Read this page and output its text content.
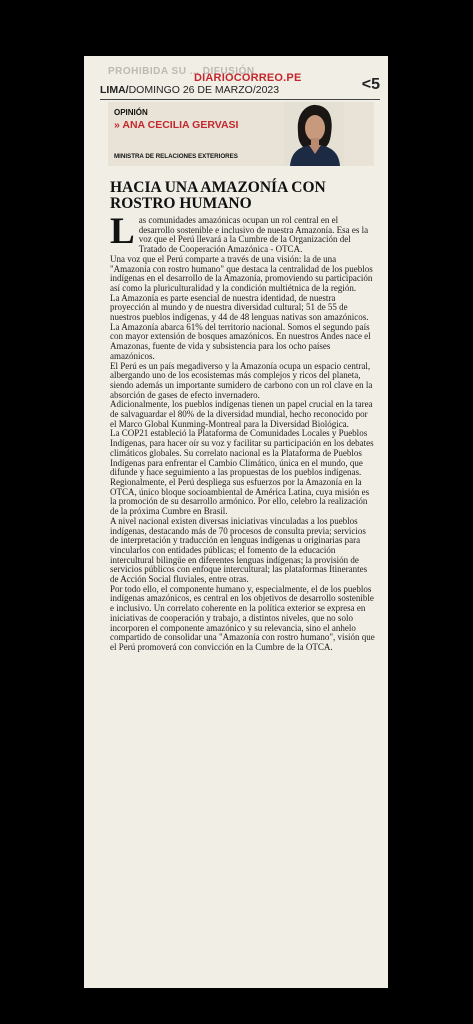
PROHIBIDA SU ... DIFUSIÓN
DIARIOCORREO.PE
LIMA/DOMINGO 26 DE MARZO/2023	<5
OPINIÓN
» ANA CECILIA GERVASI
MINISTRA DE RELACIONES EXTERIORES
HACIA UNA AMAZONÍA CON ROSTRO HUMANO

Las comunidades amazónicas ocupan un rol central en el desarrollo sostenible e inclusivo de nuestra Amazonía. Esa es la voz que el Perú llevará a la Cumbre de la Organización del Tratado de Cooperación Amazónica - OTCA.

Una voz que el Perú comparte a través de una visión: la de una "Amazonía con rostro humano" que destaca la centralidad de los pueblos indígenas en el desarrollo de la Amazonía, promoviendo su participación así como la pluriculturalidad y la condición multiétnica de la región.

La Amazonía es parte esencial de nuestra identidad, de nuestra proyección al mundo y de nuestra diversidad cultural; 51 de 55 de nuestros pueblos indígenas, y 44 de 48 lenguas nativas son amazónicos.

La Amazonía abarca 61% del territorio nacional. Somos el segundo país con mayor extensión de bosques amazónicos. En nuestros Andes nace el Amazonas, fuente de vida y subsistencia para los ocho países amazónicos.

El Perú es un país megadiverso y la Amazonía ocupa un espacio central, albergando uno de los ecosistemas más complejos y ricos del planeta, siendo además un importante sumidero de carbono con un rol clave en la absorción de gases de efecto invernadero.

Adicionalmente, los pueblos indígenas tienen un papel crucial en la tarea de salvaguardar el 80% de la diversidad mundial, hecho reconocido por el Marco Global Kunming-Montreal para la Diversidad Biológica.

La COP21 estableció la Plataforma de Comunidades Locales y Pueblos Indígenas, para hacer oír su voz y facilitar su participación en los debates climáticos globales. Su correlato nacional es la Plataforma de Pueblos Indígenas para enfrentar el Cambio Climático, única en el mundo, que difunde y hace seguimiento a las propuestas de los pueblos indígenas.

Regionalmente, el Perú despliega sus esfuerzos por la Amazonía en la OTCA, único bloque socioambiental de América Latina, cuya misión es la promoción de su desarrollo armónico. Por ello, celebro la realización de la próxima Cumbre en Brasil.

A nivel nacional existen diversas iniciativas vinculadas a los pueblos indígenas, destacando más de 70 procesos de consulta previa; servicios de interpretación y traducción en lenguas indígenas u originarias para vincularlos con entidades públicas; el fomento de la educación intercultural bilingüe en diferentes lenguas indígenas; la provisión de servicios públicos con enfoque intercultural; las plataformas Itinerantes de Acción Social fluviales, entre otras.

Por todo ello, el componente humano y, especialmente, el de los pueblos indígenas amazónicos, es central en los objetivos de desarrollo sostenible e inclusivo. Un correlato coherente en la política exterior se expresa en iniciativas de cooperación y trabajo, a distintos niveles, que no solo incorporen el componente amazónico y su relevancia, sino el anhelo compartido de consolidar una "Amazonía con rostro humano", visión que el Perú promoverá con convicción en la Cumbre de la OTCA.
